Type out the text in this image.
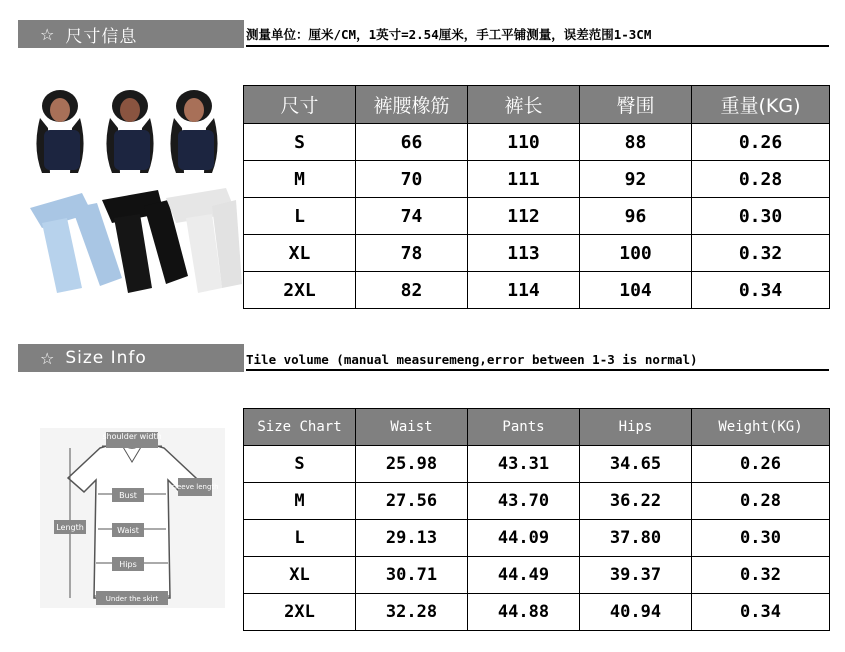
☆ 尺寸信息	测量单位：厘米/CM，1英寸=2.54厘米，手工平铺测量，误差范围1-3CM
尺寸	裤腰橡筋	裤长	臀围	重量(KG)
S	66	110	88	0.26
M	70	111	92	0.28
L	74	112	96	0.30
XL	78	113	100	0.32
2XL	82	114	104	0.34
☆ Size Info	Tile volume (manual measuremeng,error between 1-3 is normal)
shoulder width
sleeve length
Length
Bust
Waist
Hips
Under the skirt
Size Chart	Waist	Pants	Hips	Weight(KG)
S	25.98	43.31	34.65	0.26
M	27.56	43.70	36.22	0.28
L	29.13	44.09	37.80	0.30
XL	30.71	44.49	39.37	0.32
2XL	32.28	44.88	40.94	0.34
